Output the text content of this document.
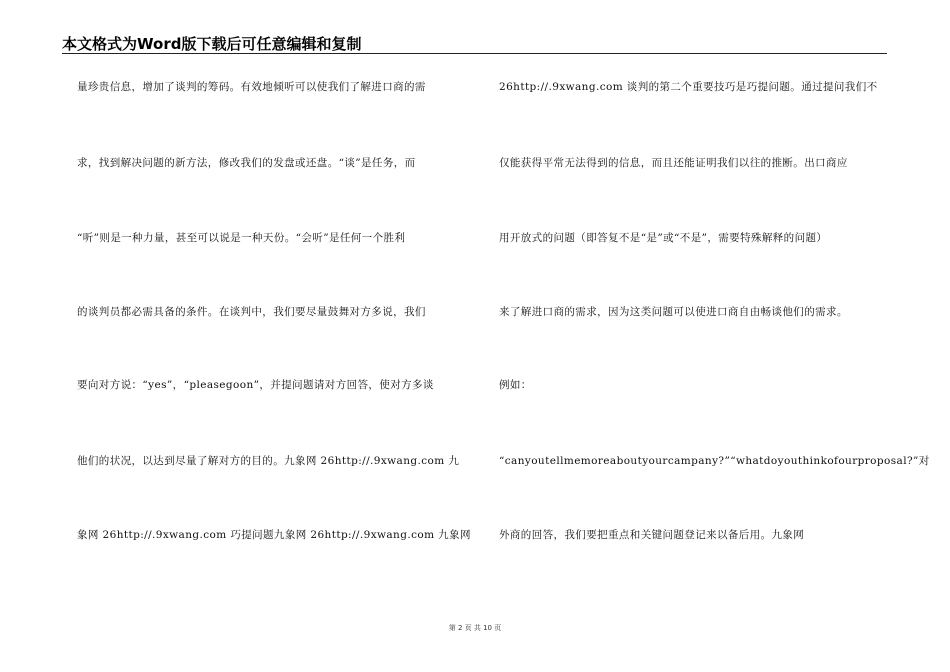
本文格式为Word版下载后可任意编辑和复制
量珍贵信息，增加了谈判的筹码。有效地倾听可以使我们了解进口商的需
求，找到解决问题的新方法，修改我们的发盘或还盘。“谈”是任务，而
“听”则是一种力量，甚至可以说是一种天份。“会听”是任何一个胜利
的谈判员都必需具备的条件。在谈判中，我们要尽量鼓舞对方多说，我们
要向对方说：“yes”，“pleasegoon”，并提问题请对方回答，使对方多谈
他们的状况，以达到尽量了解对方的目的。九象网 26http://.9xwang.com 九
象网 26http://.9xwang.com 巧提问题九象网 26http://.9xwang.com 九象网
26http://.9xwang.com 谈判的第二个重要技巧是巧提问题。通过提问我们不
仅能获得平常无法得到的信息，而且还能证明我们以往的推断。出口商应
用开放式的问题（即答复不是“是”或“不是”，需要特殊解释的问题）
来了解进口商的需求，因为这类问题可以使进口商自由畅谈他们的需求。
例如：
“canyoutellmemoreaboutyourcampany?”“whatdoyouthinkofourproposal?”对
外商的回答，我们要把重点和关键问题登记来以备后用。九象网
第 2 页 共 10 页
